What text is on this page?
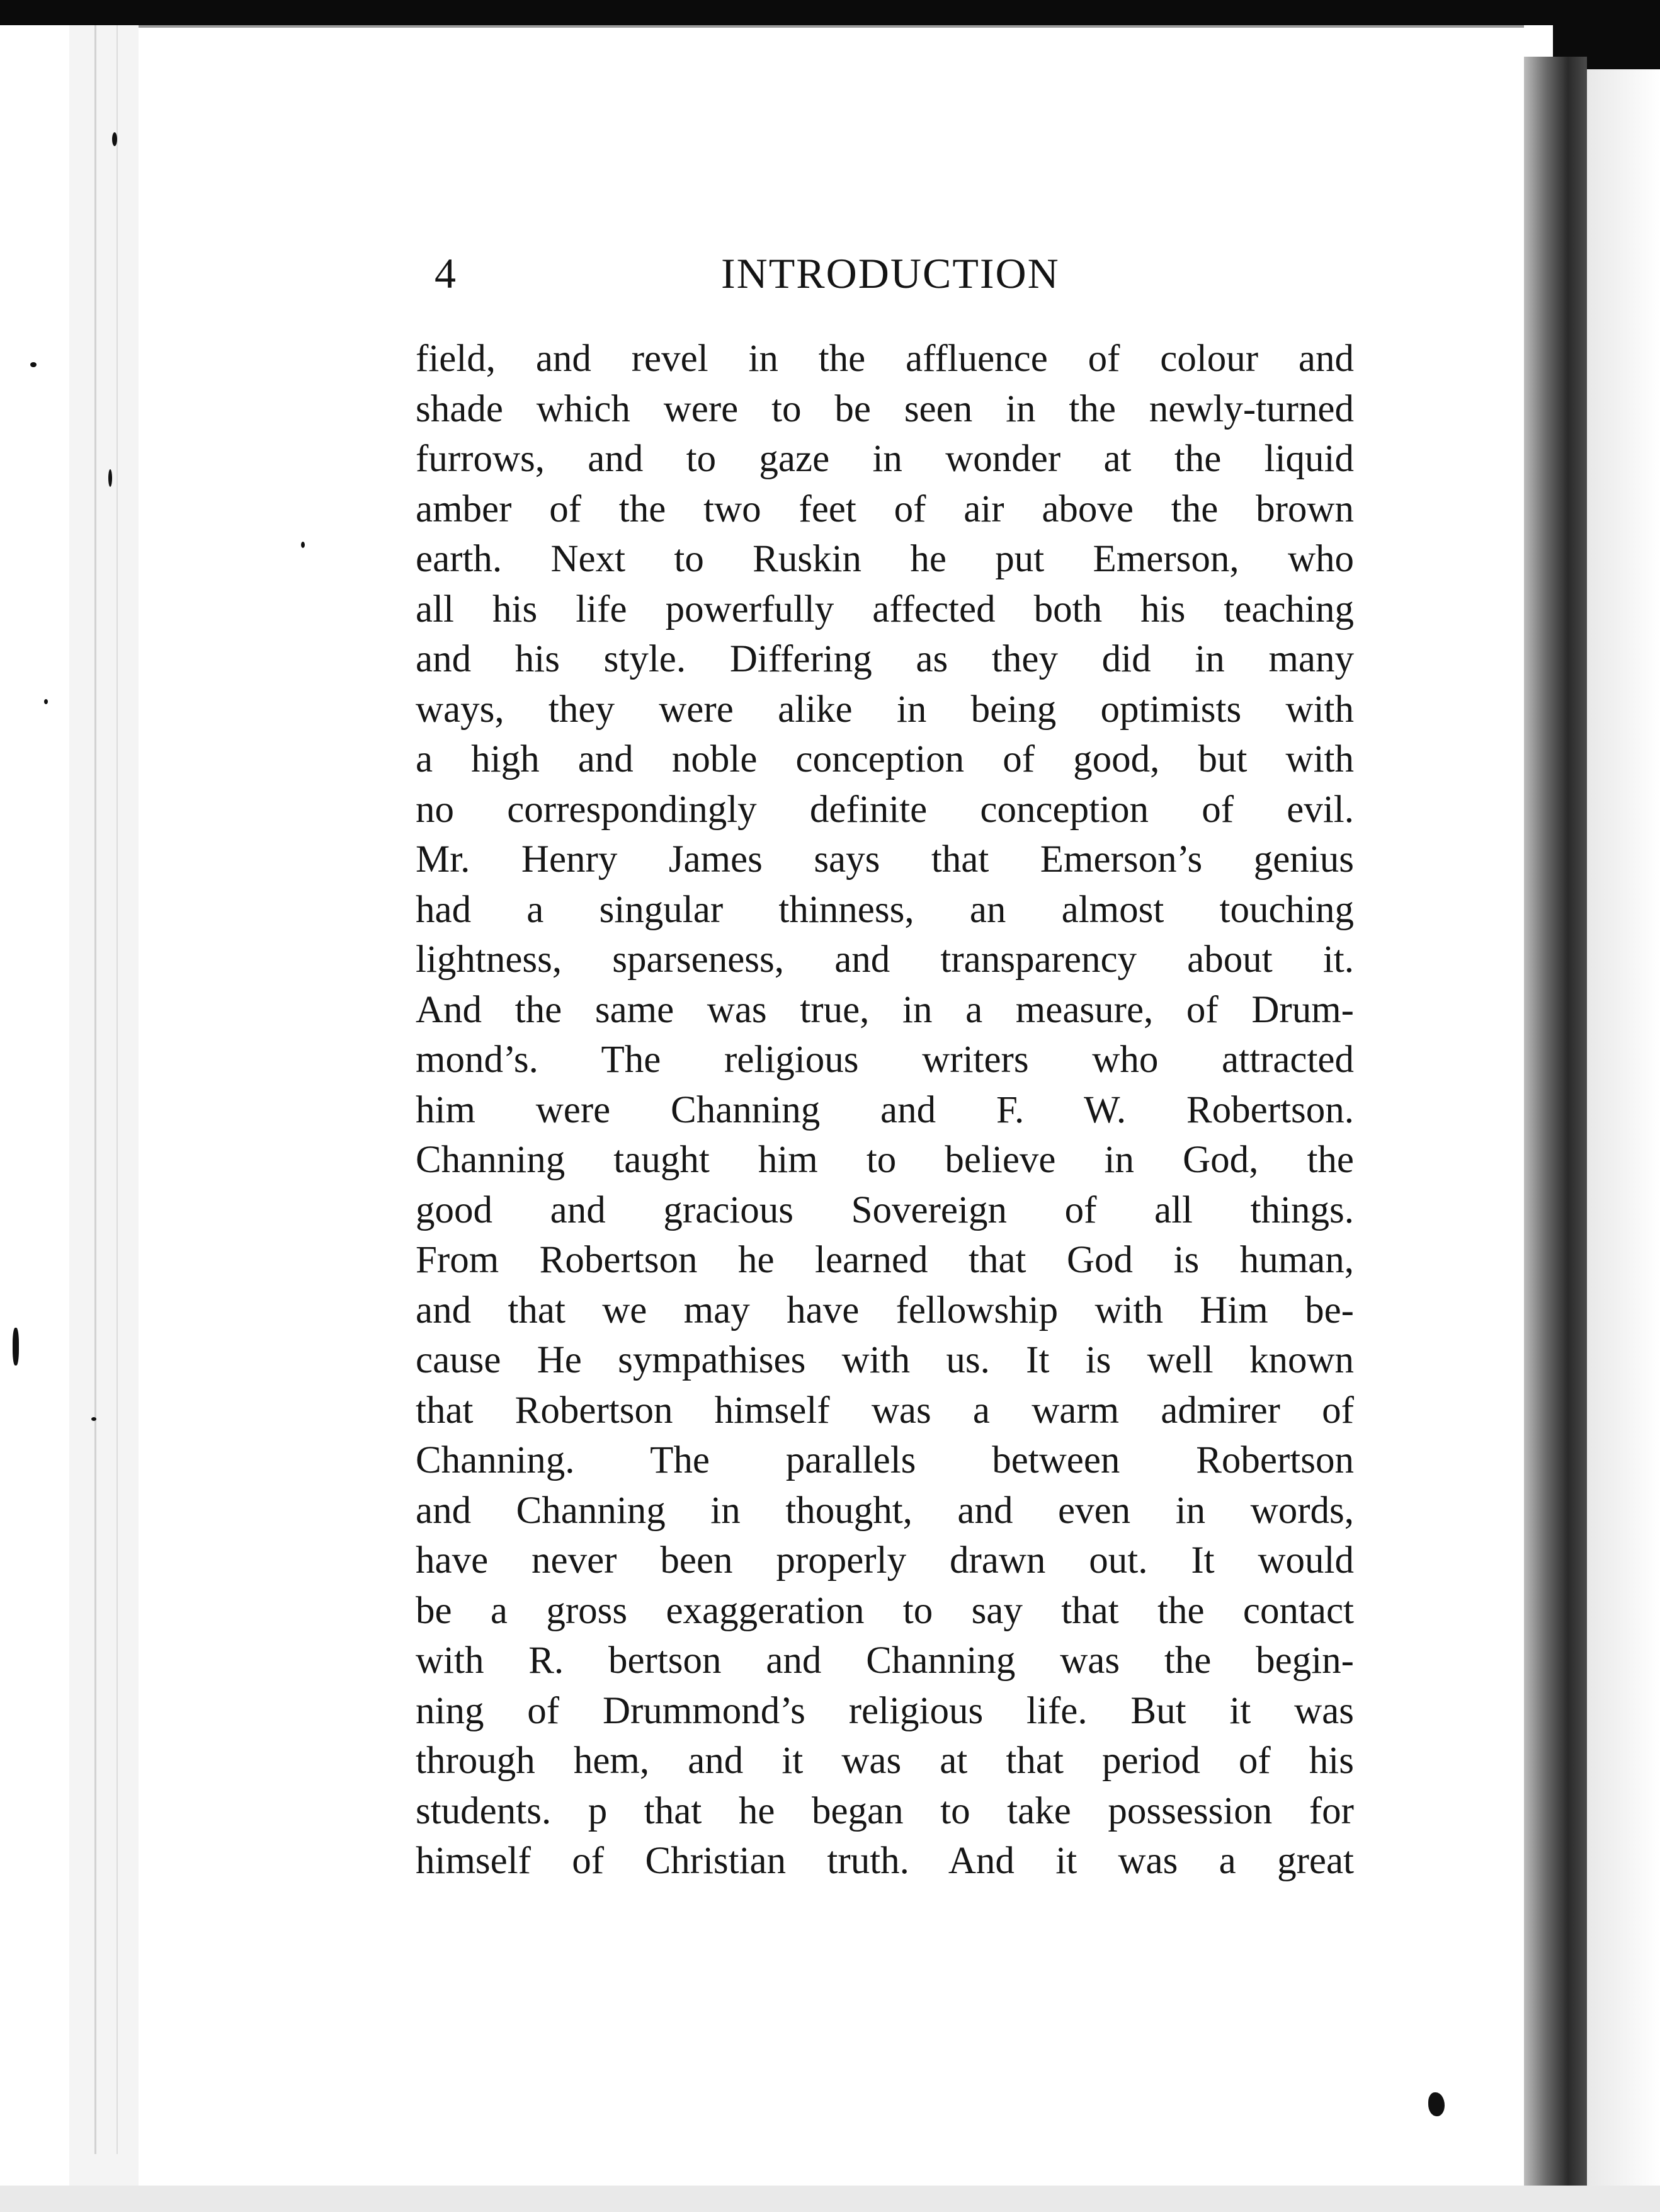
4	INTRODUCTION
field, and revel in the affluence of colour and
shade which were to be seen in the newly-turned
furrows, and to gaze in wonder at the liquid
amber of the two feet of air above the brown
earth. Next to Ruskin he put Emerson, who
all his life powerfully affected both his teaching
and his style. Differing as they did in many
ways, they were alike in being optimists with
a high and noble conception of good, but with
no correspondingly definite conception of evil.
Mr. Henry James says that Emerson’s genius
had a singular thinness, an almost touching
lightness, sparseness, and transparency about it.
And the same was true, in a measure, of Drum-
mond’s. The religious writers who attracted
him were Channing and F. W. Robertson.
Channing taught him to believe in God, the
good and gracious Sovereign of all things.
From Robertson he learned that God is human,
and that we may have fellowship with Him be-
cause He sympathises with us. It is well known
that Robertson himself was a warm admirer of
Channing. The parallels between Robertson
and Channing in thought, and even in words,
have never been properly drawn out. It would
be a gross exaggeration to say that the contact
with R. bertson and Channing was the begin-
ning of Drummond’s religious life. But it was
through hem, and it was at that period of his
students. p that he began to take possession for
himself of Christian truth. And it was a great
